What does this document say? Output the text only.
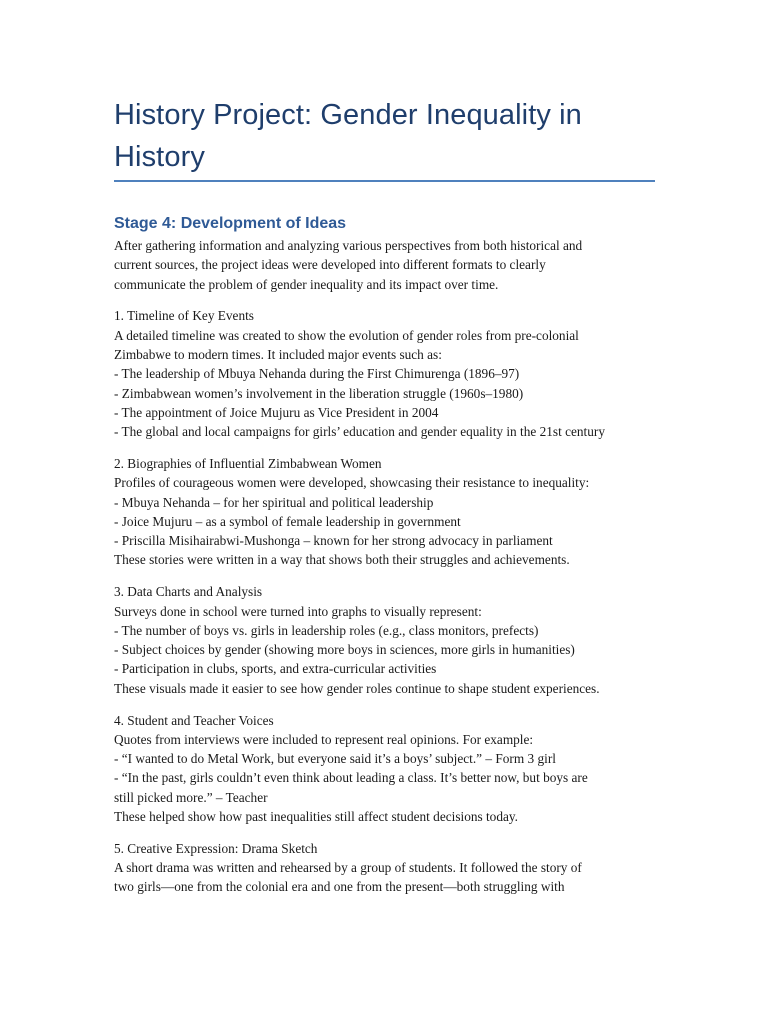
History Project: Gender Inequality in
History
Stage 4: Development of Ideas

After gathering information and analyzing various perspectives from both historical and
current sources, the project ideas were developed into different formats to clearly
communicate the problem of gender inequality and its impact over time.

1. Timeline of Key Events
A detailed timeline was created to show the evolution of gender roles from pre-colonial
Zimbabwe to modern times. It included major events such as:
- The leadership of Mbuya Nehanda during the First Chimurenga (1896–97)
- Zimbabwean women’s involvement in the liberation struggle (1960s–1980)
- The appointment of Joice Mujuru as Vice President in 2004
- The global and local campaigns for girls’ education and gender equality in the 21st century

2. Biographies of Influential Zimbabwean Women
Profiles of courageous women were developed, showcasing their resistance to inequality:
- Mbuya Nehanda – for her spiritual and political leadership
- Joice Mujuru – as a symbol of female leadership in government
- Priscilla Misihairabwi-Mushonga – known for her strong advocacy in parliament
These stories were written in a way that shows both their struggles and achievements.

3. Data Charts and Analysis
Surveys done in school were turned into graphs to visually represent:
- The number of boys vs. girls in leadership roles (e.g., class monitors, prefects)
- Subject choices by gender (showing more boys in sciences, more girls in humanities)
- Participation in clubs, sports, and extra-curricular activities
These visuals made it easier to see how gender roles continue to shape student experiences.

4. Student and Teacher Voices
Quotes from interviews were included to represent real opinions. For example:
- “I wanted to do Metal Work, but everyone said it’s a boys’ subject.” – Form 3 girl
- “In the past, girls couldn’t even think about leading a class. It’s better now, but boys are
still picked more.” – Teacher
These helped show how past inequalities still affect student decisions today.

5. Creative Expression: Drama Sketch
A short drama was written and rehearsed by a group of students. It followed the story of
two girls—one from the colonial era and one from the present—both struggling with
